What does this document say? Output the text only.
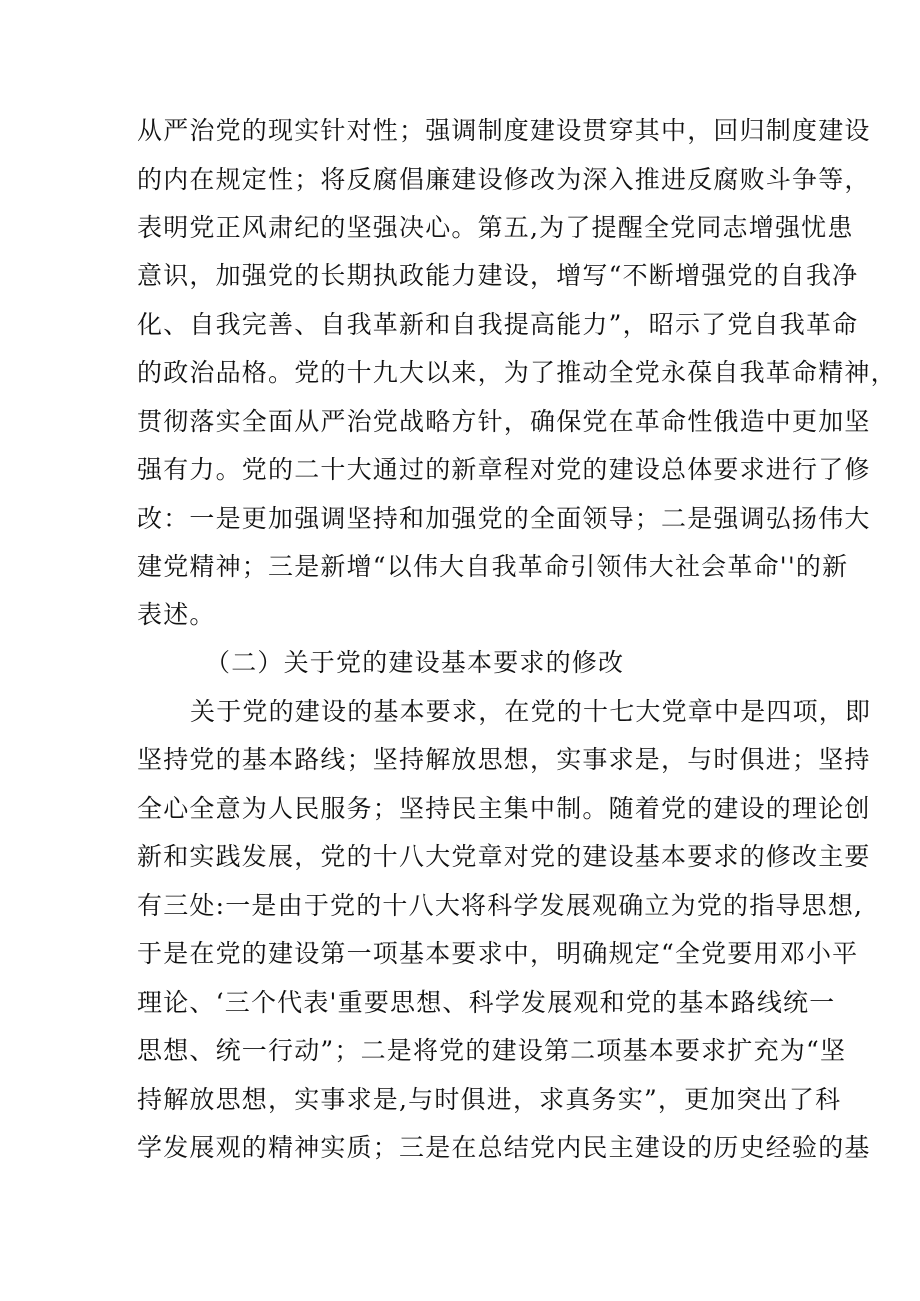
从严治党的现实针对性；强调制度建设贯穿其中，回归制度建设
的内在规定性；将反腐倡廉建设修改为深入推进反腐败斗争等，
表明党正风肃纪的坚强决心。第五,为了提醒全党同志增强忧患
意识，加强党的长期执政能力建设，增写“不断增强党的自我净
化、自我完善、自我革新和自我提高能力”，昭示了党自我革命
的政治品格。党的十九大以来，为了推动全党永葆自我革命精神，
贯彻落实全面从严治党战略方针，确保党在革命性俄造中更加坚
强有力。党的二十大通过的新章程对党的建设总体要求进行了修
改：一是更加强调坚持和加强党的全面领导；二是强调弘扬伟大
建党精神；三是新增“以伟大自我革命引领伟大社会革命''的新
表述。
（二）关于党的建设基本要求的修改
关于党的建设的基本要求，在党的十七大党章中是四项，即
坚持党的基本路线；坚持解放思想，实事求是，与时俱进；坚持
全心全意为人民服务；坚持民主集中制。随着党的建设的理论创
新和实践发展，党的十八大党章对党的建设基本要求的修改主要
有三处:一是由于党的十八大将科学发展观确立为党的指导思想,
于是在党的建设第一项基本要求中，明确规定“全党要用邓小平
理论、‘三个代表'重要思想、科学发展观和党的基本路线统一
思想、统一行动”；二是将党的建设第二项基本要求扩充为“坚
持解放思想，实事求是,与时俱进，求真务实”，更加突出了科
学发展观的精神实质；三是在总结党内民主建设的历史经验的基
